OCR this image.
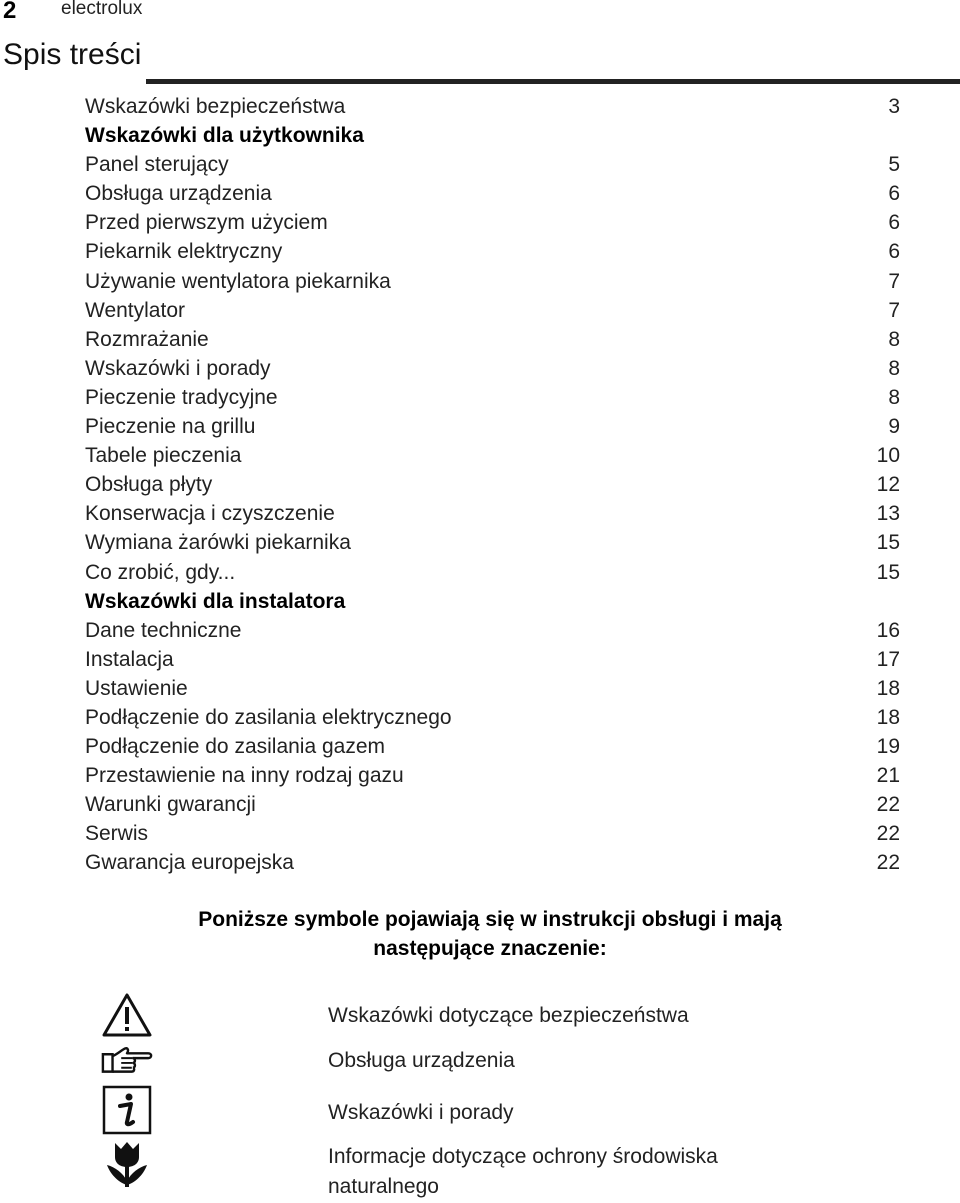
2 electrolux
Spis treści
Wskazówki bezpieczeństwa	3
Wskazówki dla użytkownika
Panel sterujący	5
Obsługa urządzenia	6
Przed pierwszym użyciem	6
Piekarnik elektryczny	6
Używanie wentylatora piekarnika	7
Wentylator	7
Rozmrażanie	8
Wskazówki i porady	8
Pieczenie tradycyjne	8
Pieczenie na grillu	9
Tabele pieczenia	10
Obsługa płyty	12
Konserwacja i czyszczenie	13
Wymiana żarówki piekarnika	15
Co zrobić, gdy...	15
Wskazówki dla instalatora
Dane techniczne	16
Instalacja	17
Ustawienie	18
Podłączenie do zasilania elektrycznego	18
Podłączenie do zasilania gazem	19
Przestawienie na inny rodzaj gazu	21
Warunki gwarancji	22
Serwis	22
Gwarancja europejska	22
Poniższe symbole pojawiają się w instrukcji obsługi i mają
następujące znaczenie:
Wskazówki dotyczące bezpieczeństwa
Obsługa urządzenia
Wskazówki i porady
Informacje dotyczące ochrony środowiska
naturalnego
